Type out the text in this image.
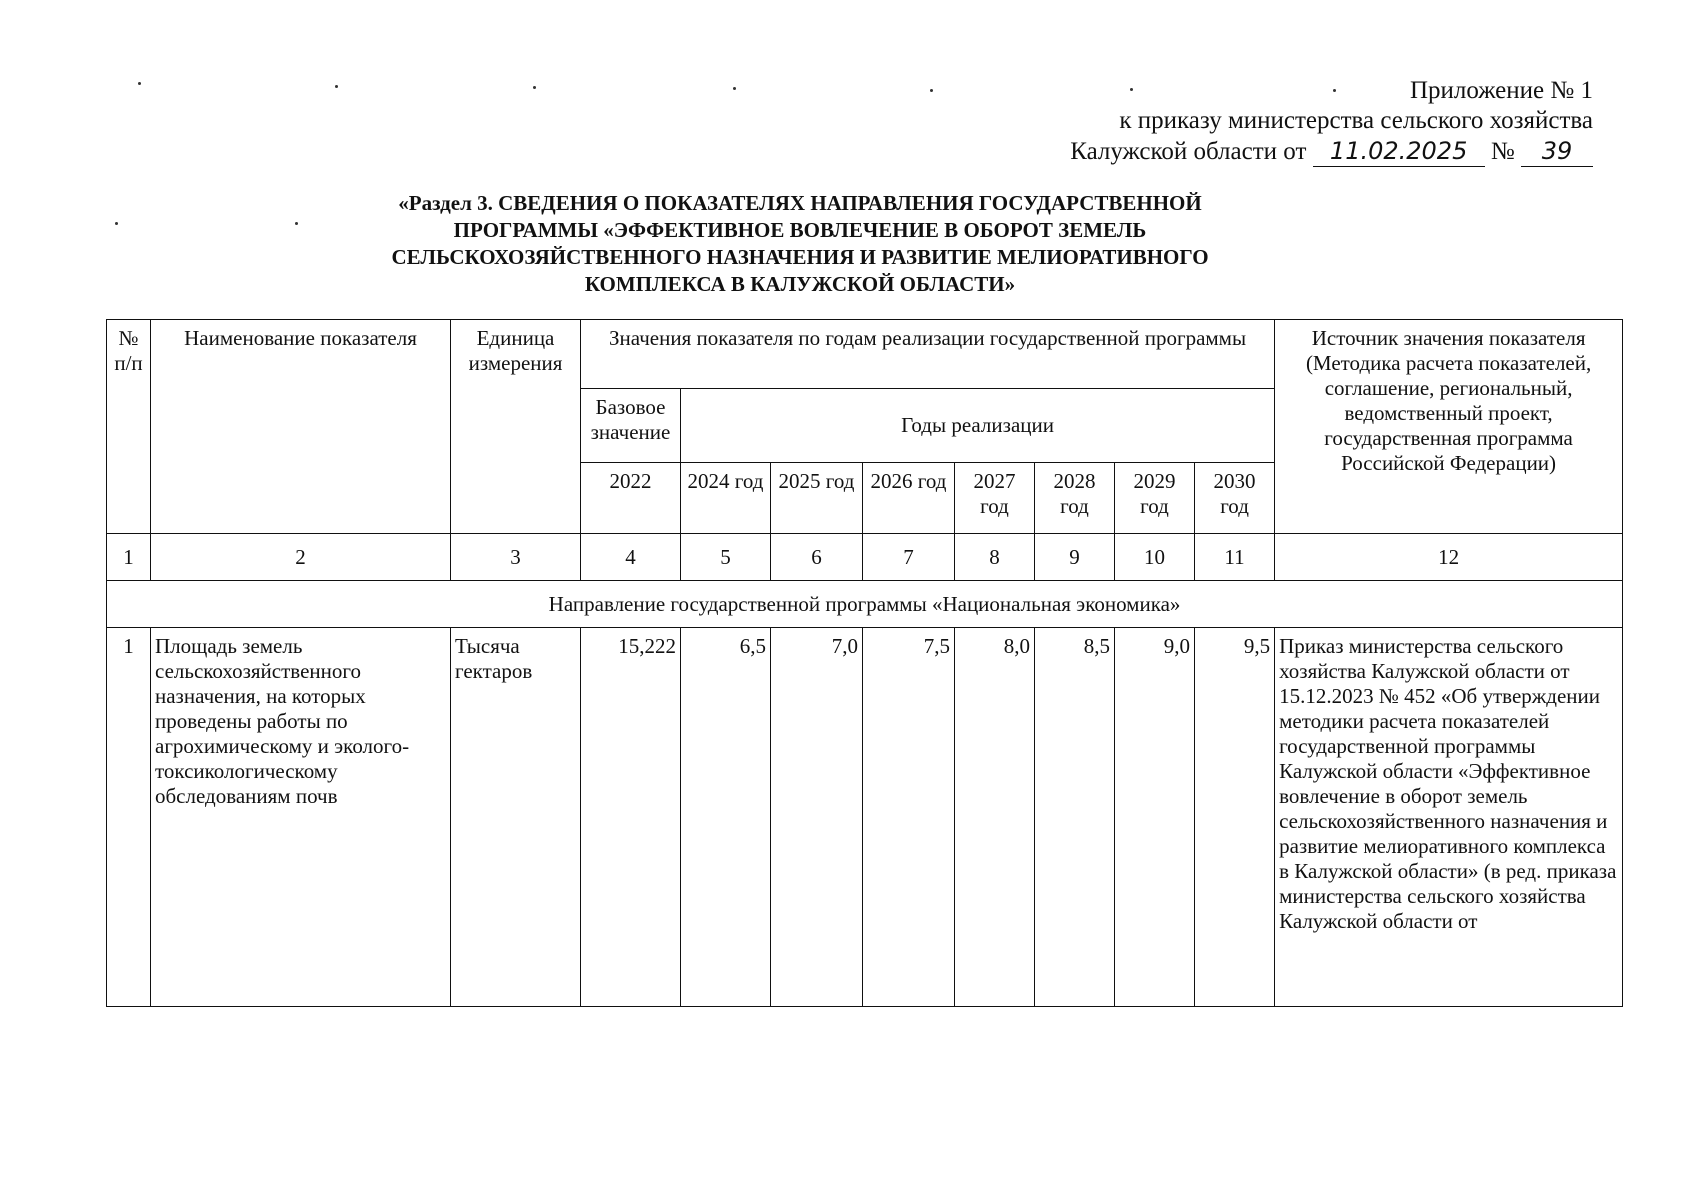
Приложение № 1
к приказу министерства сельского хозяйства
Калужской области от 11.02.2025 № 39
«Раздел 3. СВЕДЕНИЯ О ПОКАЗАТЕЛЯХ НАПРАВЛЕНИЯ ГОСУДАРСТВЕННОЙ
ПРОГРАММЫ «ЭФФЕКТИВНОЕ ВОВЛЕЧЕНИЕ В ОБОРОТ ЗЕМЕЛЬ
СЕЛЬСКОХОЗЯЙСТВЕННОГО НАЗНАЧЕНИЯ И РАЗВИТИЕ МЕЛИОРАТИВНОГО
КОМПЛЕКСА В КАЛУЖСКОЙ ОБЛАСТИ»
№ п/п	Наименование показателя	Единица измерения	Значения показателя по годам реализации государственной программы								Источник значения показателя (Методика расчета показателей, соглашение, региональный, ведомственный проект, государственная программа Российской Федерации)
			Базовое значение	Годы реализации							
			2022	2024 год	2025 год	2026 год	2027 год	2028 год	2029 год	2030 год	
1	2	3	4	5	6	7	8	9	10	11	12
Направление государственной программы «Национальная экономика»											
1	Площадь земель сельскохозяйственного назначения, на которых проведены работы по агрохимическому и эколого-токсикологическому обследованиям почв	Тысяча гектаров	15,222	6,5	7,0	7,5	8,0	8,5	9,0	9,5	Приказ министерства сельского хозяйства Калужской области от 15.12.2023 № 452 «Об утверждении методики расчета показателей государственной программы Калужской области «Эффективное вовлечение в оборот земель сельскохозяйственного назначения и развитие мелиоративного комплекса в Калужской области» (в ред. приказа министерства сельского хозяйства Калужской области от
